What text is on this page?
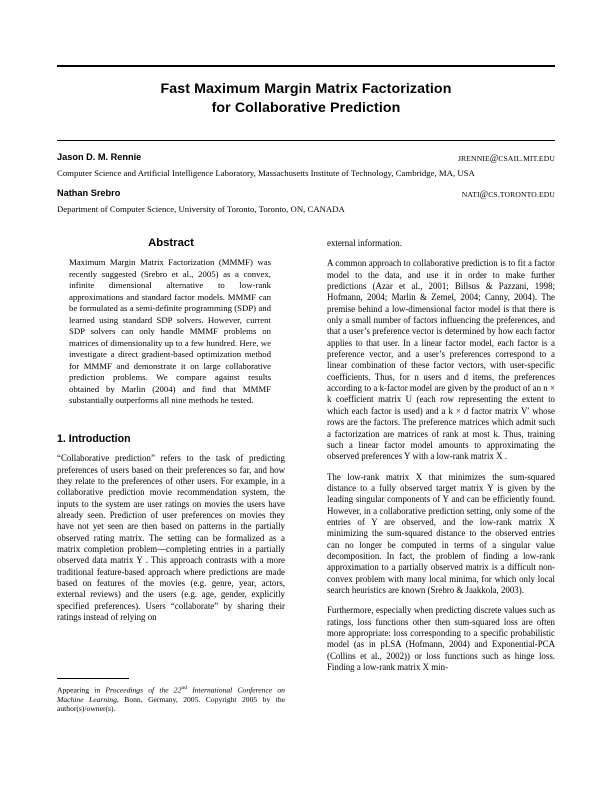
Fast Maximum Margin Matrix Factorization
for Collaborative Prediction
Jason D. M. Rennie	JRENNIE@CSAIL.MIT.EDU
Computer Science and Artificial Intelligence Laboratory, Massachusetts Institute of Technology, Cambridge, MA, USA
Nathan Srebro	NATI@CS.TORONTO.EDU
Department of Computer Science, University of Toronto, Toronto, ON, CANADA
Abstract
Maximum Margin Matrix Factorization (MMMF) was recently suggested (Srebro et al., 2005) as a convex, infinite dimensional alternative to low-rank approximations and standard factor models. MMMF can be formulated as a semi-definite programming (SDP) and learned using standard SDP solvers. However, current SDP solvers can only handle MMMF problems on matrices of dimensionality up to a few hundred. Here, we investigate a direct gradient-based optimization method for MMMF and demonstrate it on large collaborative prediction problems. We compare against results obtained by Marlin (2004) and find that MMMF substantially outperforms all nine methods he tested.
1. Introduction

“Collaborative prediction” refers to the task of predicting preferences of users based on their preferences so far, and how they relate to the preferences of other users. For example, in a collaborative prediction movie recommendation system, the inputs to the system are user ratings on movies the users have already seen. Prediction of user preferences on movies they have not yet seen are then based on patterns in the partially observed rating matrix. The setting can be formalized as a matrix completion problem—completing entries in a partially observed data matrix Y . This approach contrasts with a more traditional feature-based approach where predictions are made based on features of the movies (e.g. genre, year, actors, external reviews) and the users (e.g. age, gender, explicitly specified preferences). Users “collaborate” by sharing their ratings instead of relying on

external information.

A common approach to collaborative prediction is to fit a factor model to the data, and use it in order to make further predictions (Azar et al., 2001; Billsus & Pazzani, 1998; Hofmann, 2004; Marlin & Zemel, 2004; Canny, 2004). The premise behind a low-dimensional factor model is that there is only a small number of factors influencing the preferences, and that a user’s preference vector is determined by how each factor applies to that user. In a linear factor model, each factor is a preference vector, and a user’s preferences correspond to a linear combination of these factor vectors, with user-specific coefficients. Thus, for n users and d items, the preferences according to a k-factor model are given by the product of an n × k coefficient matrix U (each row representing the extent to which each factor is used) and a k × d factor matrix V′ whose rows are the factors. The preference matrices which admit such a factorization are matrices of rank at most k. Thus, training such a linear factor model amounts to approximating the observed preferences Y with a low-rank matrix X .

The low-rank matrix X that minimizes the sum-squared distance to a fully observed target matrix Y is given by the leading singular components of Y and can be efficiently found. However, in a collaborative prediction setting, only some of the entries of Y are observed, and the low-rank matrix X minimizing the sum-squared distance to the observed entries can no longer be computed in terms of a singular value decomposition. In fact, the problem of finding a low-rank approximation to a partially observed matrix is a difficult non-convex problem with many local minima, for which only local search heuristics are known (Srebro & Jaakkola, 2003).

Furthermore, especially when predicting discrete values such as ratings, loss functions other then sum-squared loss are often more appropriate: loss corresponding to a specific probabilistic model (as in pLSA (Hofmann, 2004) and Exponential-PCA (Collins et al., 2002)) or loss functions such as hinge loss. Finding a low-rank matrix X min-

Appearing in Proceedings of the 22nd International Conference on Machine Learning, Bonn, Germany, 2005. Copyright 2005 by the author(s)/owner(s).
